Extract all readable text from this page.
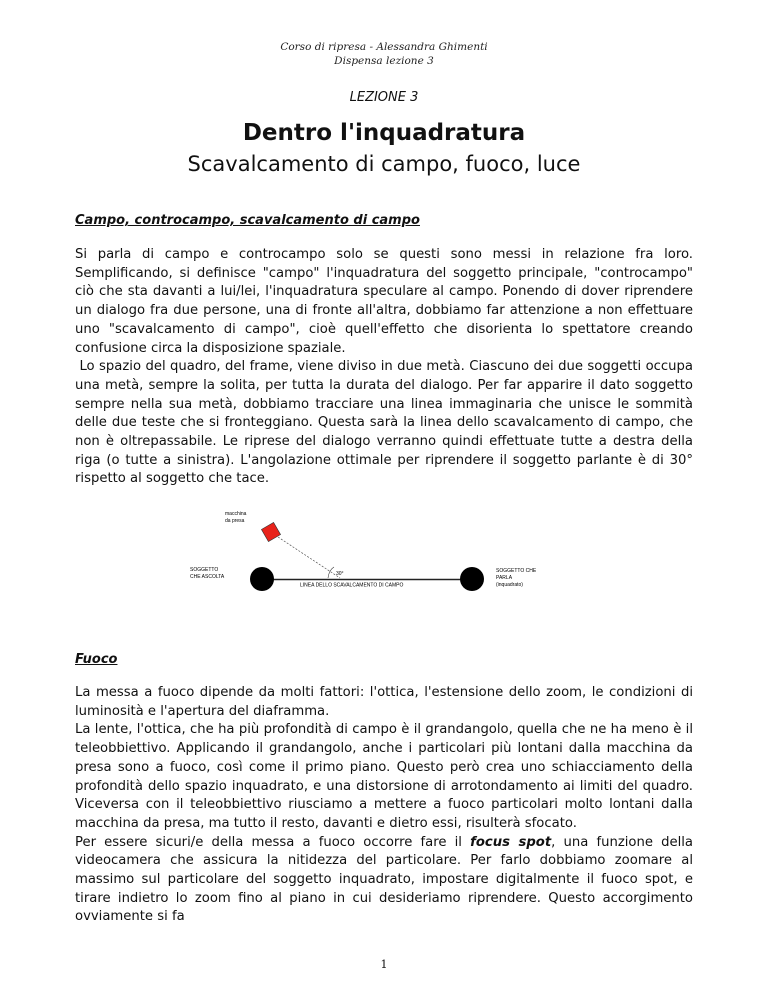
Corso di ripresa - Alessandra Ghimenti
Dispensa lezione 3
LEZIONE 3
Dentro l'inquadratura
Scavalcamento di campo, fuoco, luce
Campo, controcampo, scavalcamento di campo

Si parla di campo e controcampo solo se questi sono messi in relazione fra loro. Semplificando, si definisce "campo" l'inquadratura del soggetto principale, "controcampo" ciò che sta davanti a lui/lei, l'inquadratura speculare al campo. Ponendo di dover riprendere un dialogo fra due persone, una di fronte all'altra, dobbiamo far attenzione a non effettuare uno "scavalcamento di campo", cioè quell'effetto che disorienta lo spettatore creando confusione circa la disposizione spaziale.

Lo spazio del quadro, del frame, viene diviso in due metà. Ciascuno dei due soggetti occupa una metà, sempre la solita, per tutta la durata del dialogo. Per far apparire il dato soggetto sempre nella sua metà, dobbiamo tracciare una linea immaginaria che unisce le sommità delle due teste che si fronteggiano. Questa sarà la linea dello scavalcamento di campo, che non è oltrepassabile. Le riprese del dialogo verranno quindi effettuate tutte a destra della riga (o tutte a sinistra). L'angolazione ottimale per riprendere il soggetto parlante è di 30° rispetto al soggetto che tace.

macchina
da presa
30°
SOGGETTO
CHE ASCOLTA
LINEA DELLO SCAVALCAMENTO DI CAMPO
SOGGETTO CHE
PARLA
(inquadrato)
Fuoco

La messa a fuoco dipende da molti fattori: l'ottica, l'estensione dello zoom, le condizioni di luminosità e l'apertura del diaframma.

La lente, l'ottica, che ha più profondità di campo è il grandangolo, quella che ne ha meno è il teleobbiettivo. Applicando il grandangolo, anche i particolari più lontani dalla macchina da presa sono a fuoco, così come il primo piano. Questo però crea uno schiacciamento della profondità dello spazio inquadrato, e una distorsione di arrotondamento ai limiti del quadro. Viceversa con il teleobbiettivo riusciamo a mettere a fuoco particolari molto lontani dalla macchina da presa, ma tutto il resto, davanti e dietro essi, risulterà sfocato.

Per essere sicuri/e della messa a fuoco occorre fare il focus spot, una funzione della videocamera che assicura la nitidezza del particolare. Per farlo dobbiamo zoomare al massimo sul particolare del soggetto inquadrato, impostare digitalmente il fuoco spot, e tirare indietro lo zoom fino al piano in cui desideriamo riprendere. Questo accorgimento ovviamente si fa

1
